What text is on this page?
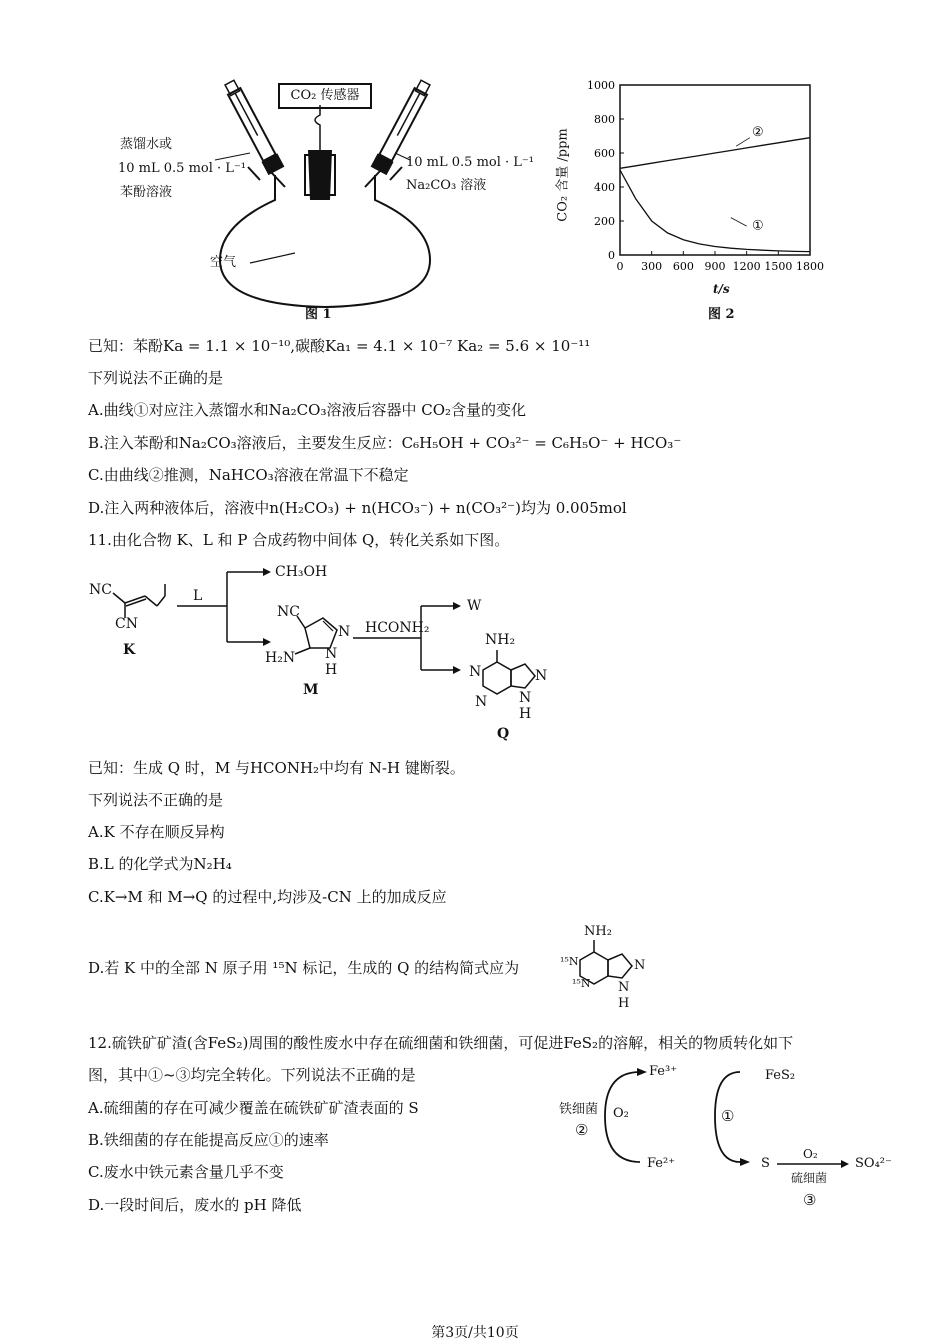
CO₂ 传感器
蒸馏水或
10 mL 0.5 mol · L⁻¹
苯酚溶液
10 mL 0.5 mol · L⁻¹
Na₂CO₃ 溶液
空气
图 1
0
200
400
600
800
1000
0 300 600 900 1200 1500 1800
①
②
CO₂ 含量 /ppm
t/s
图 2
已知：苯酚Ka = 1.1 × 10⁻¹⁰,碳酸Ka₁ = 4.1 × 10⁻⁷ Ka₂ = 5.6 × 10⁻¹¹
下列说法不正确的是
A.曲线①对应注入蒸馏水和Na₂CO₃溶液后容器中 CO₂含量的变化
B.注入苯酚和Na₂CO₃溶液后，主要发生反应：C₆H₅OH + CO₃²⁻ = C₆H₅O⁻ + HCO₃⁻
C.由曲线②推测，NaHCO₃溶液在常温下不稳定
D.注入两种液体后，溶液中n(H₂CO₃) + n(HCO₃⁻) + n(CO₃²⁻)均为 0.005mol
11.由化合物 K、L 和 P 合成药物中间体 Q，转化关系如下图。
NC
CN
K
L
CH₃OH
NC
H₂N
N
N
H
M
HCONH₂
W
NH₂
N
N
N
N
H
Q
已知：生成 Q 时，M 与HCONH₂中均有 N-H 键断裂。
下列说法不正确的是
A.K 不存在顺反异构
B.L 的化学式为N₂H₄
C.K→M 和 M→Q 的过程中,均涉及-CN 上的加成反应
D.若 K 中的全部 N 原子用 ¹⁵N 标记，生成的 Q 的结构简式应为
NH₂
¹⁵N
¹⁵N
N
N
H
12.硫铁矿矿渣(含FeS₂)周围的酸性废水中存在硫细菌和铁细菌，可促进FeS₂的溶解，相关的物质转化如下
图，其中①~③均完全转化。下列说法不正确的是
A.硫细菌的存在可减少覆盖在硫铁矿矿渣表面的 S
B.铁细菌的存在能提高反应①的速率
C.废水中铁元素含量几乎不变
D.一段时间后，废水的 pH 降低
Fe³⁺	FeS₂
铁细菌 O₂
②
①
Fe²⁺	S
O₂
硫细菌
SO₄²⁻
③
第3页/共10页
